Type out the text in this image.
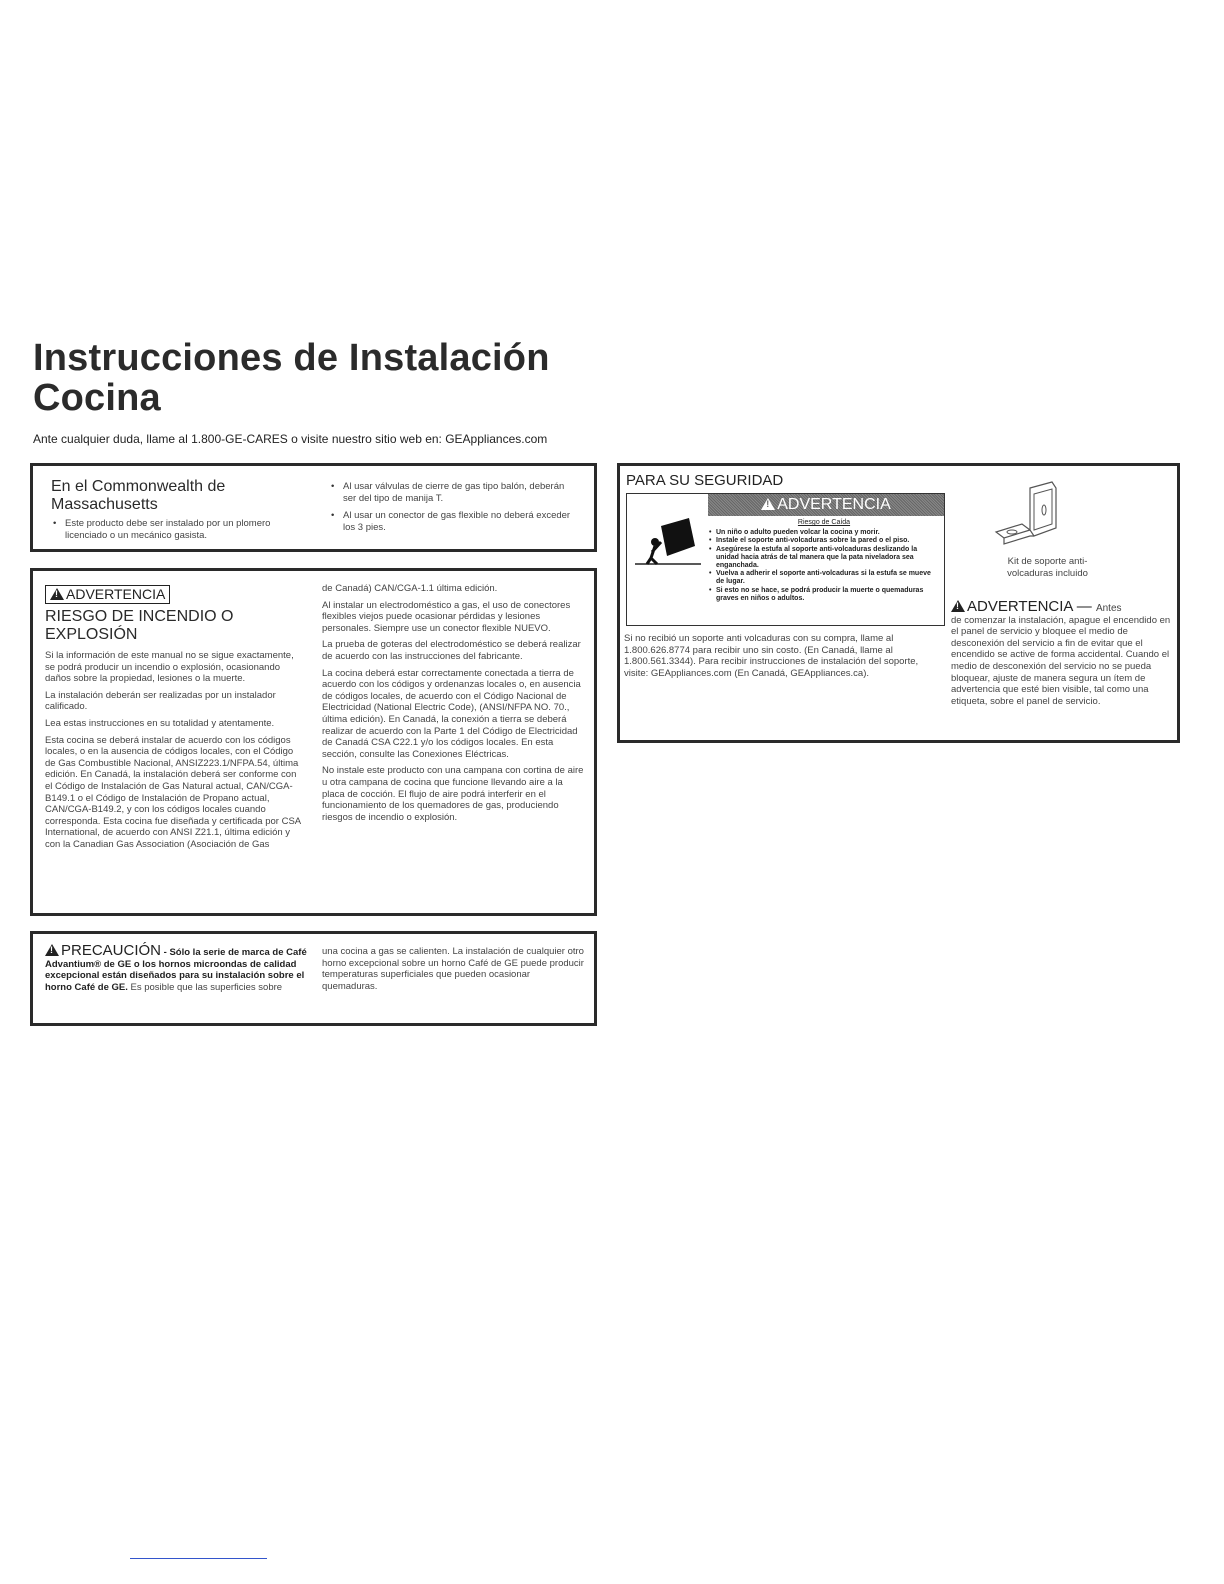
Instrucciones de Instalación
Cocina
Ante cualquier duda, llame al 1.800-GE-CARES o visite nuestro sitio web en: GEAppliances.com
En el Commonwealth de Massachusetts
• Este producto debe ser instalado por un plomero licenciado o un mecánico gasista.
• Al usar válvulas de cierre de gas tipo balón, deberán ser del tipo de manija T.
• Al usar un conector de gas flexible no deberá exceder los 3 pies.
!ADVERTENCIA
RIESGO DE INCENDIO O EXPLOSIÓN

Si la información de este manual no se sigue exactamente, se podrá producir un incendio o explosión, ocasionando daños sobre la propiedad, lesiones o la muerte.

La instalación deberán ser realizadas por un instalador calificado.

Lea estas instrucciones en su totalidad y atentamente.

Esta cocina se deberá instalar de acuerdo con los códigos locales, o en la ausencia de códigos locales, con el Código de Gas Combustible Nacional, ANSIZ223.1/NFPA.54, última edición. En Canadá, la instalación deberá ser conforme con el Código de Instalación de Gas Natural actual, CAN/CGA-B149.1 o el Código de Instalación de Propano actual, CAN/CGA-B149.2, y con los códigos locales cuando corresponda. Esta cocina fue diseñada y certificada por CSA International, de acuerdo con ANSI Z21.1, última edición y con la Canadian Gas Association (Asociación de Gas

de Canadá) CAN/CGA-1.1 última edición.

Al instalar un electrodoméstico a gas, el uso de conectores flexibles viejos puede ocasionar pérdidas y lesiones personales. Siempre use un conector flexible NUEVO.

La prueba de goteras del electrodoméstico se deberá realizar de acuerdo con las instrucciones del fabricante.

La cocina deberá estar correctamente conectada a tierra de acuerdo con los códigos y ordenanzas locales o, en ausencia de códigos locales, de acuerdo con el Código Nacional de Electricidad (National Electric Code), (ANSI/NFPA NO. 70., última edición). En Canadá, la conexión a tierra se deberá realizar de acuerdo con la Parte 1 del Código de Electricidad de Canadá CSA C22.1 y/o los códigos locales. En esta sección, consulte las Conexiones Eléctricas.

No instale este producto con una campana con cortina de aire u otra campana de cocina que funcione llevando aire a la placa de cocción. El flujo de aire podrá interferir en el funcionamiento de los quemadores de gas, produciendo riesgos de incendio o explosión.

!PRECAUCIÓN - Sólo la serie de marca de Café Advantium® de GE o los hornos microondas de calidad excepcional están diseñados para su instalación sobre el horno Café de GE. Es posible que las superficies sobre

una cocina a gas se calienten. La instalación de cualquier otro horno excepcional sobre un horno Café de GE puede producir temperaturas superficiales que pueden ocasionar quemaduras.

PARA SU SEGURIDAD
!ADVERTENCIA
Riesgo de Caída
• Un niño o adulto pueden volcar la cocina y morir.
• Instale el soporte anti-volcaduras sobre la pared o el piso.
• Asegúrese la estufa al soporte anti-volcaduras deslizando la unidad hacia atrás de tal manera que la pata niveladora sea enganchada.
• Vuelva a adherir el soporte anti-volcaduras si la estufa se mueve de lugar.
• Si esto no se hace, se podrá producir la muerte o quemaduras graves en niños o adultos.
Kit de soporte anti-volcaduras incluido
Si no recibió un soporte anti volcaduras con su compra, llame al 1.800.626.8774 para recibir uno sin costo. (En Canadá, llame al 1.800.561.3344). Para recibir instrucciones de instalación del soporte, visite: GEAppliances.com (En Canadá, GEAppliances.ca).
!ADVERTENCIA — Antes
de comenzar la instalación, apague el encendido en el panel de servicio y bloquee el medio de desconexión del servicio a fin de evitar que el encendido se active de forma accidental. Cuando el medio de desconexión del servicio no se pueda bloquear, ajuste de manera segura un ítem de advertencia que esté bien visible, tal como una etiqueta, sobre el panel de servicio.
